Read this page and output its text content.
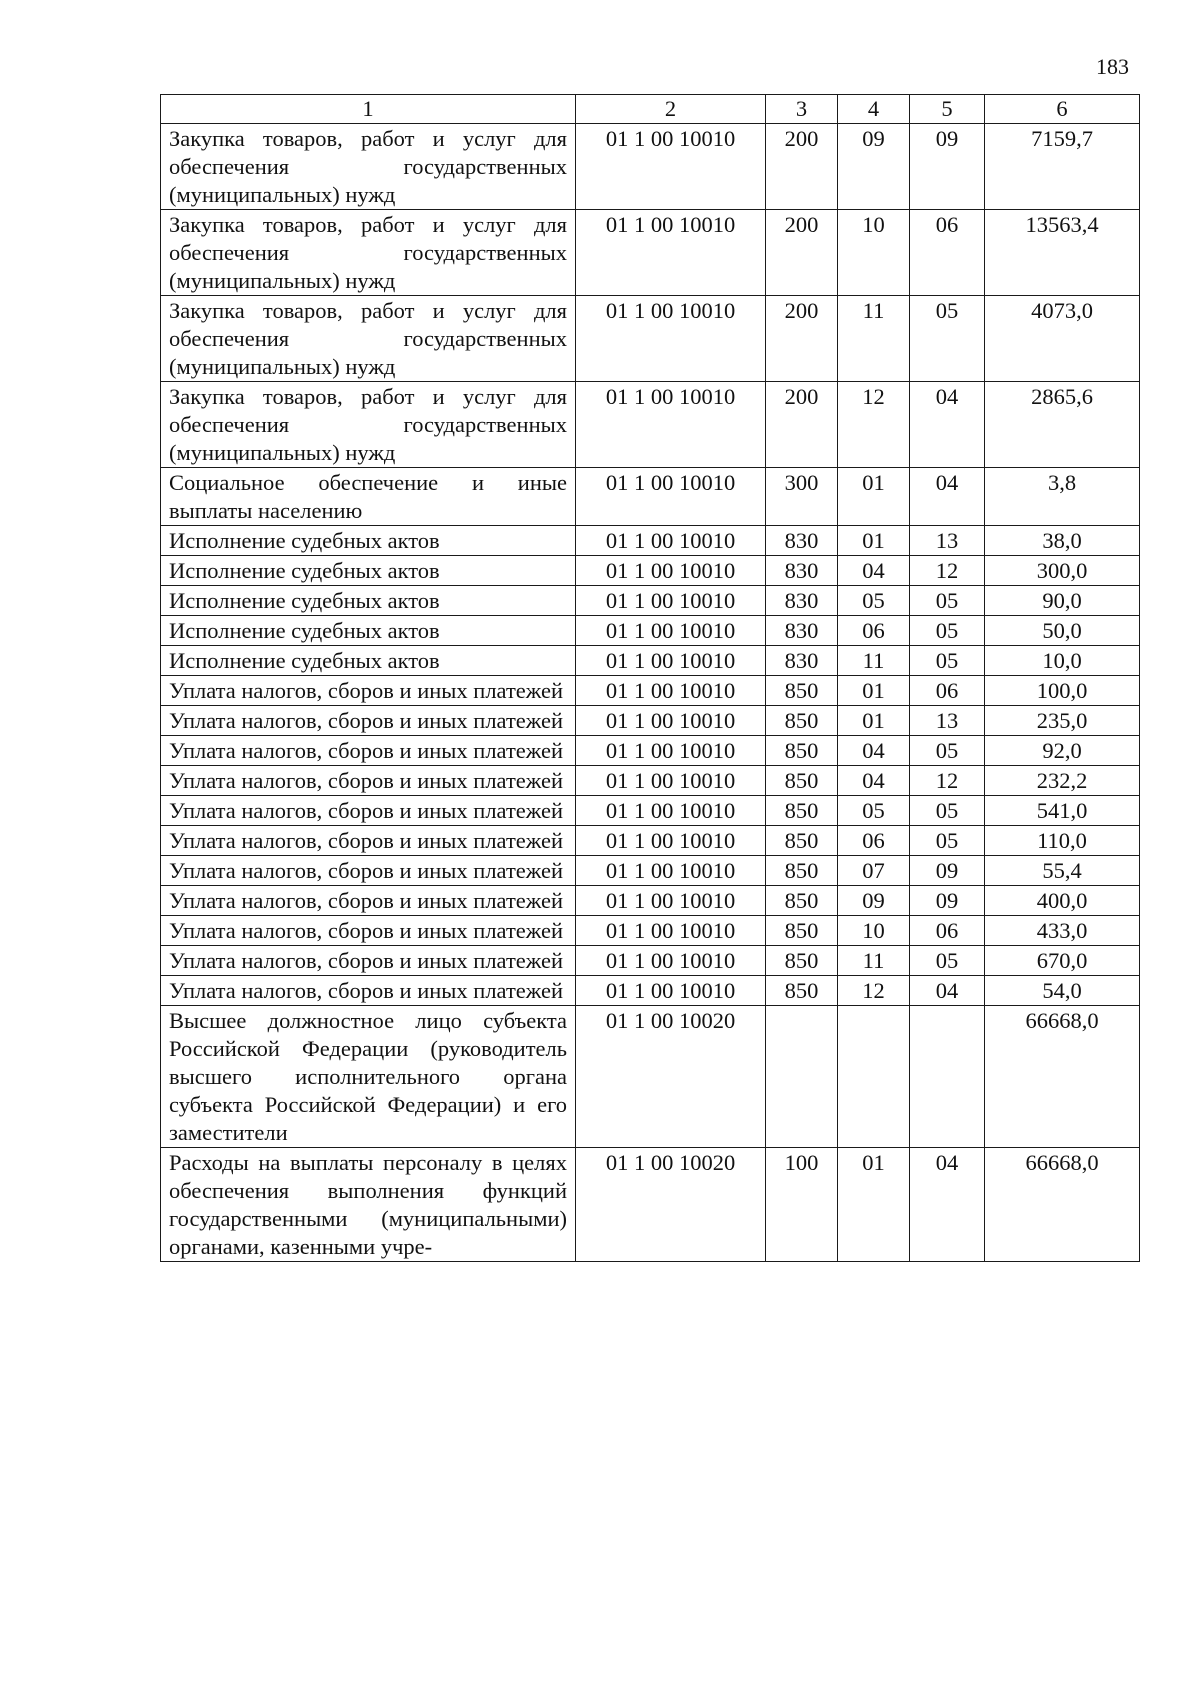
183
1	2	3	4	5	6
Закупка товаров, работ и услуг для обеспечения государственных (муниципальных) нужд	01 1 00 10010	200	09	09	7159,7
Закупка товаров, работ и услуг для обеспечения государственных (муниципальных) нужд	01 1 00 10010	200	10	06	13563,4
Закупка товаров, работ и услуг для обеспечения государственных (муниципальных) нужд	01 1 00 10010	200	11	05	4073,0
Закупка товаров, работ и услуг для обеспечения государственных (муниципальных) нужд	01 1 00 10010	200	12	04	2865,6
Социальное обеспечение и иные выплаты населению	01 1 00 10010	300	01	04	3,8
Исполнение судебных актов	01 1 00 10010	830	01	13	38,0
Исполнение судебных актов	01 1 00 10010	830	04	12	300,0
Исполнение судебных актов	01 1 00 10010	830	05	05	90,0
Исполнение судебных актов	01 1 00 10010	830	06	05	50,0
Исполнение судебных актов	01 1 00 10010	830	11	05	10,0
Уплата налогов, сборов и иных платежей	01 1 00 10010	850	01	06	100,0
Уплата налогов, сборов и иных платежей	01 1 00 10010	850	01	13	235,0
Уплата налогов, сборов и иных платежей	01 1 00 10010	850	04	05	92,0
Уплата налогов, сборов и иных платежей	01 1 00 10010	850	04	12	232,2
Уплата налогов, сборов и иных платежей	01 1 00 10010	850	05	05	541,0
Уплата налогов, сборов и иных платежей	01 1 00 10010	850	06	05	110,0
Уплата налогов, сборов и иных платежей	01 1 00 10010	850	07	09	55,4
Уплата налогов, сборов и иных платежей	01 1 00 10010	850	09	09	400,0
Уплата налогов, сборов и иных платежей	01 1 00 10010	850	10	06	433,0
Уплата налогов, сборов и иных платежей	01 1 00 10010	850	11	05	670,0
Уплата налогов, сборов и иных платежей	01 1 00 10010	850	12	04	54,0
Высшее должностное лицо субъекта Российской Федерации (руководитель высшего исполнительного органа субъекта Российской Федерации) и его заместители	01 1 00 10020				66668,0
Расходы на выплаты персоналу в целях обеспечения выполнения функций государственными (муниципальными) органами, казенными учре-	01 1 00 10020	100	01	04	66668,0
